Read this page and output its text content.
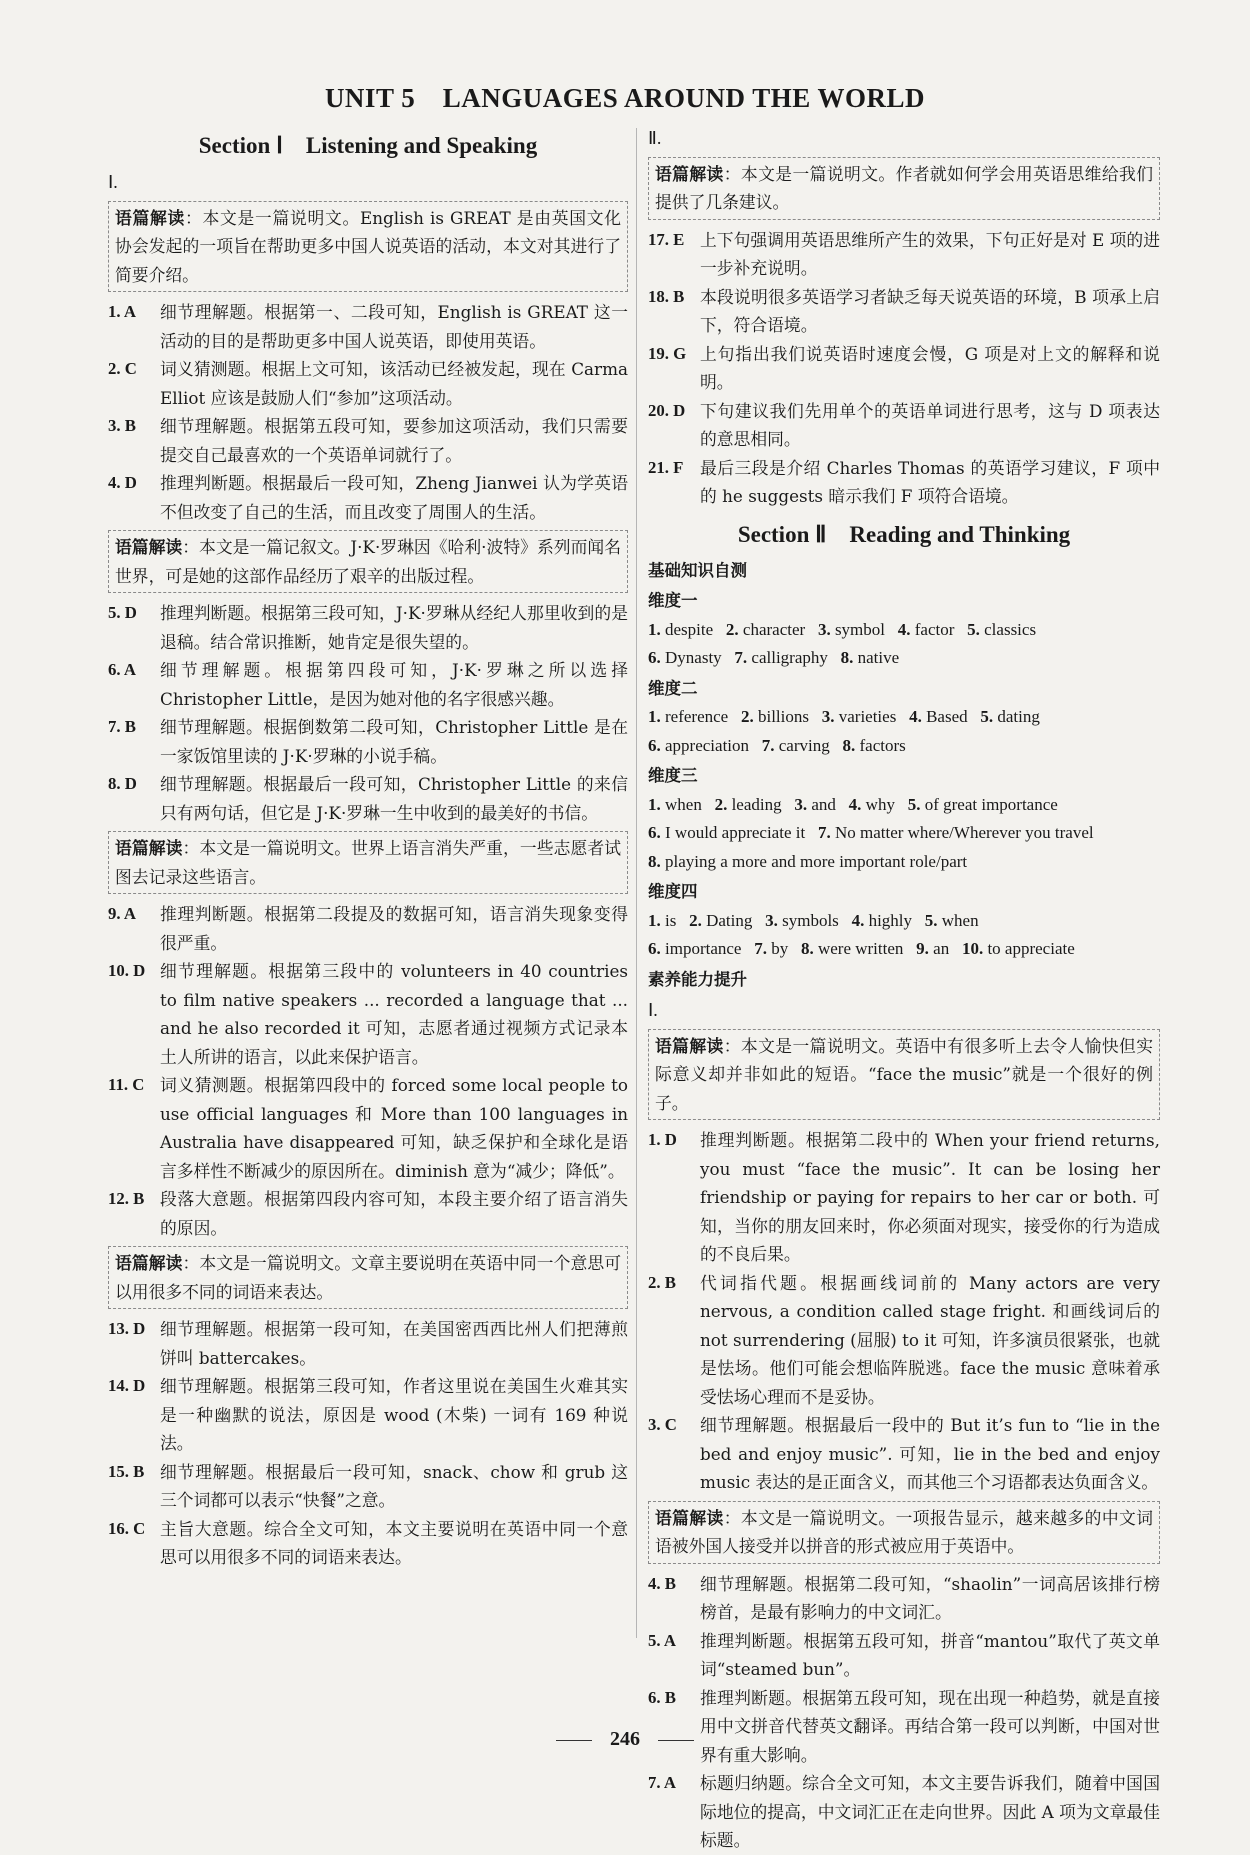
UNIT 5　LANGUAGES AROUND THE WORLD
Section Ⅰ　Listening and Speaking
Ⅰ.
语篇解读：本文是一篇说明文。English is GREAT 是由英国文化协会发起的一项旨在帮助更多中国人说英语的活动，本文对其进行了简要介绍。
1. A	细节理解题。根据第一、二段可知，English is GREAT 这一活动的目的是帮助更多中国人说英语，即使用英语。
2. C	词义猜测题。根据上文可知，该活动已经被发起，现在 Carma Elliot 应该是鼓励人们“参加”这项活动。
3. B	细节理解题。根据第五段可知，要参加这项活动，我们只需要提交自己最喜欢的一个英语单词就行了。
4. D	推理判断题。根据最后一段可知，Zheng Jianwei 认为学英语不但改变了自己的生活，而且改变了周围人的生活。
语篇解读：本文是一篇记叙文。J·K·罗琳因《哈利·波特》系列而闻名世界，可是她的这部作品经历了艰辛的出版过程。
5. D	推理判断题。根据第三段可知，J·K·罗琳从经纪人那里收到的是退稿。结合常识推断，她肯定是很失望的。
6. A	细节理解题。根据第四段可知，J·K·罗琳之所以选择 Christopher Little，是因为她对他的名字很感兴趣。
7. B	细节理解题。根据倒数第二段可知，Christopher Little 是在一家饭馆里读的 J·K·罗琳的小说手稿。
8. D	细节理解题。根据最后一段可知，Christopher Little 的来信只有两句话，但它是 J·K·罗琳一生中收到的最美好的书信。
语篇解读：本文是一篇说明文。世界上语言消失严重，一些志愿者试图去记录这些语言。
9. A	推理判断题。根据第二段提及的数据可知，语言消失现象变得很严重。
10. D 细节理解题。根据第三段中的 volunteers in 40 countries to film native speakers ... recorded a language that ... and he also recorded it 可知，志愿者通过视频方式记录本土人所讲的语言，以此来保护语言。
11. C 词义猜测题。根据第四段中的 forced some local people to use official languages 和 More than 100 languages in Australia have disappeared 可知，缺乏保护和全球化是语言多样性不断减少的原因所在。diminish 意为“减少；降低”。
12. B 段落大意题。根据第四段内容可知，本段主要介绍了语言消失的原因。
语篇解读：本文是一篇说明文。文章主要说明在英语中同一个意思可以用很多不同的词语来表达。
13. D 细节理解题。根据第一段可知，在美国密西西比州人们把薄煎饼叫 battercakes。
14. D 细节理解题。根据第三段可知，作者这里说在美国生火难其实是一种幽默的说法，原因是 wood (木柴) 一词有 169 种说法。
15. B 细节理解题。根据最后一段可知，snack、chow 和 grub 这三个词都可以表示“快餐”之意。
16. C 主旨大意题。综合全文可知，本文主要说明在英语中同一个意思可以用很多不同的词语来表达。
Ⅱ.
语篇解读：本文是一篇说明文。作者就如何学会用英语思维给我们提供了几条建议。
17. E 上下句强调用英语思维所产生的效果，下句正好是对 E 项的进一步补充说明。
18. B 本段说明很多英语学习者缺乏每天说英语的环境，B 项承上启下，符合语境。
19. G 上句指出我们说英语时速度会慢，G 项是对上文的解释和说明。
20. D 下句建议我们先用单个的英语单词进行思考，这与 D 项表达的意思相同。
21. F 最后三段是介绍 Charles Thomas 的英语学习建议，F 项中的 he suggests 暗示我们 F 项符合语境。
Section Ⅱ　Reading and Thinking
基础知识自测
维度一
1. despite 2. character 3. symbol 4. factor 5. classics
6. Dynasty 7. calligraphy 8. native
维度二
1. reference 2. billions 3. varieties 4. Based 5. dating
6. appreciation 7. carving 8. factors
维度三
1. when 2. leading 3. and 4. why 5. of great importance
6. I would appreciate it 7. No matter where/Wherever you travel
8. playing a more and more important role/part
维度四
1. is 2. Dating 3. symbols 4. highly 5. when
6. importance 7. by 8. were written 9. an 10. to appreciate
素养能力提升
Ⅰ.
语篇解读：本文是一篇说明文。英语中有很多听上去令人愉快但实际意义却并非如此的短语。“face the music”就是一个很好的例子。
1. D	推理判断题。根据第二段中的 When your friend returns, you must “face the music”. It can be losing her friendship or paying for repairs to her car or both. 可知，当你的朋友回来时，你必须面对现实，接受你的行为造成的不良后果。
2. B	代词指代题。根据画线词前的 Many actors are very nervous, a condition called stage fright. 和画线词后的 not surrendering (屈服) to it 可知，许多演员很紧张，也就是怯场。他们可能会想临阵脱逃。face the music 意味着承受怯场心理而不是妥协。
3. C	细节理解题。根据最后一段中的 But it’s fun to “lie in the bed and enjoy music”. 可知，lie in the bed and enjoy music 表达的是正面含义，而其他三个习语都表达负面含义。
语篇解读：本文是一篇说明文。一项报告显示，越来越多的中文词语被外国人接受并以拼音的形式被应用于英语中。
4. B	细节理解题。根据第二段可知，“shaolin”一词高居该排行榜榜首，是最有影响力的中文词汇。
5. A	推理判断题。根据第五段可知，拼音“mantou”取代了英文单词“steamed bun”。
6. B	推理判断题。根据第五段可知，现在出现一种趋势，就是直接用中文拼音代替英文翻译。再结合第一段可以判断，中国对世界有重大影响。
7. A	标题归纳题。综合全文可知，本文主要告诉我们，随着中国国际地位的提高，中文词汇正在走向世界。因此 A 项为文章最佳标题。
246
